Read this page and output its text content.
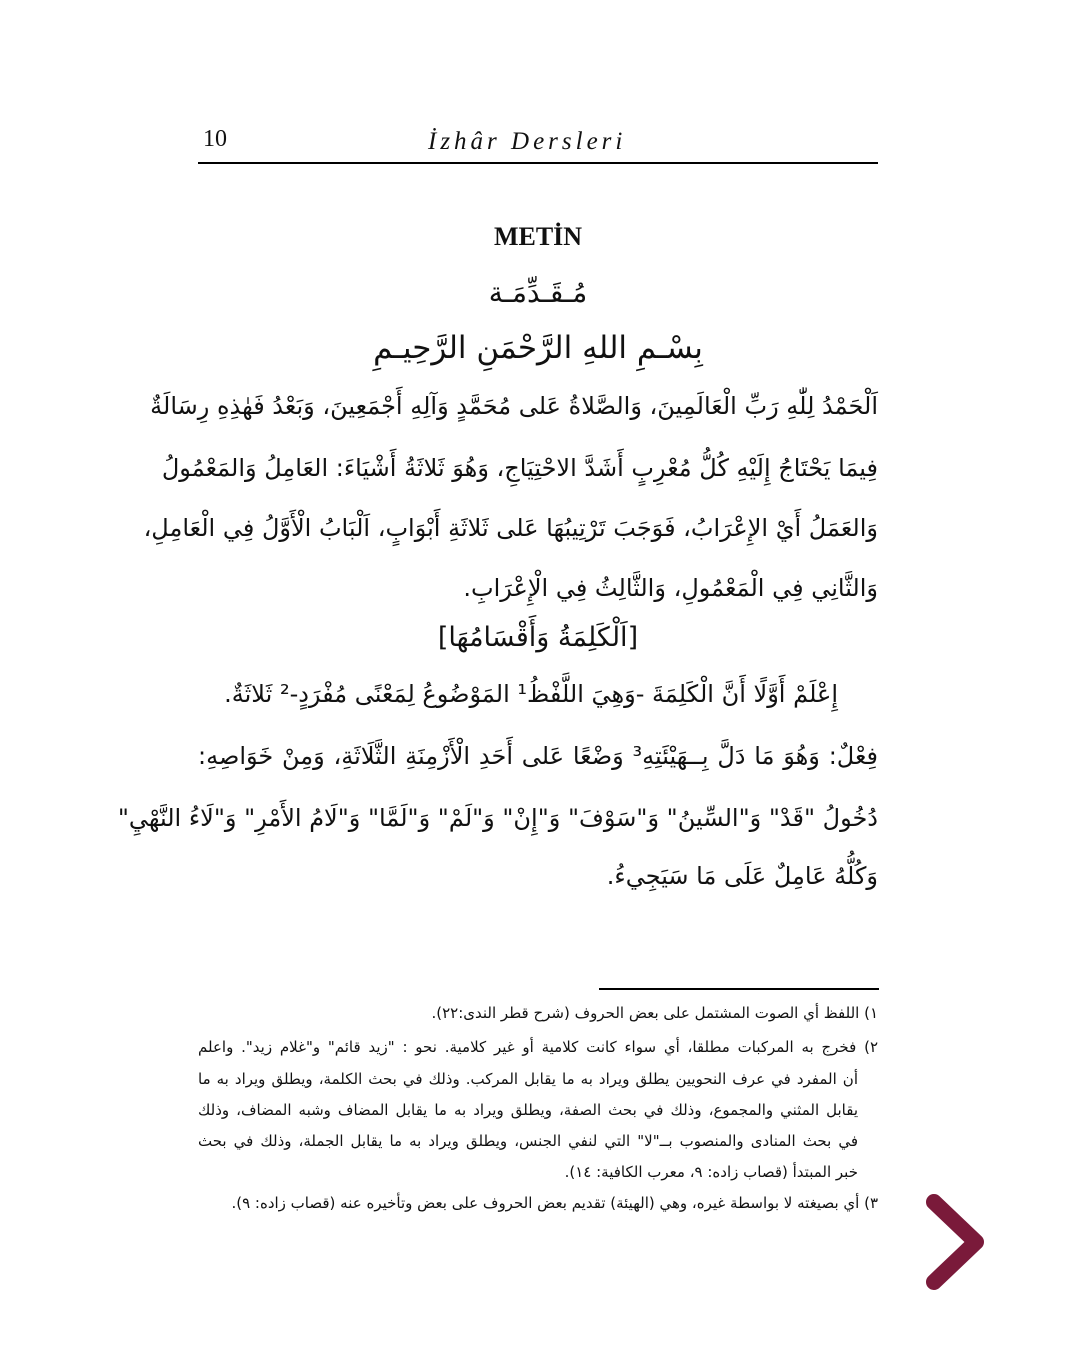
10	İzhâr Dersleri
METİN
مُـقَـدِّمَـة
بِسْـمِ اللهِ الرَّحْمَنِ الرَّحِيـمِ
اَلْحَمْدُ لِلّٰهِ رَبِّ الْعَالَمِينَ، وَالصَّلاةُ عَلى مُحَمَّدٍ وَآلِهِ أَجْمَعِينَ، وَبَعْدُ فَهٰذِهِ رِسَالَةٌ
فِيمَا يَحْتَاجُ إِلَيْهِ كُلُّ مُعْرِبٍ أَشَدَّ الاحْتِيَاجِ، وَهُوَ ثَلاثَةُ أَشْيَاءَ: العَامِلُ وَالمَعْمُولُ
وَالعَمَلُ أَيْ الإِعْرَابُ، فَوَجَبَ تَرْتِيبُهَا عَلى ثَلاثَةِ أَبْوَابٍ، اَلْبَابُ الْأَوَّلُ فِي الْعَامِلِ،
وَالثَّانِي فِي الْمَعْمُولِ، وَالثَّالِثُ فِي الْإِعْرَابِ.
[اَلْكَلِمَةُ وَأَقْسَامُهَا]
إِعْلَمْ أَوَّلًا أَنَّ الْكَلِمَةَ -وَهِيَ اللَّفْظُ¹ المَوْضُوعُ لِمَعْنًى مُفْرَدٍ-² ثَلاثَةٌ.
فِعْلٌ: وَهُوَ مَا دَلَّ بِــهَيْئَتِهِ³ وَضْعًا عَلى أَحَدِ الْأَزْمِنَةِ الثَّلَاثَةِ، وَمِنْ خَوَاصِهِ:
دُخُولُ "قَدْ" وَ"السِّينُ" وَ"سَوْفَ" وَ"إِنْ" وَ"لَمْ" وَ"لَمَّا" وَ"لَامُ الأَمْرِ" وَ"لَاءُ النَّهْيِ"
وَكُلُّهُ عَامِلٌ عَلَى مَا سَيَجِيءُ.
١) اللفظ أي الصوت المشتمل على بعض الحروف (شرح قطر الندى:٢٢).
٢) فخرج به المركبات مطلقا، أي سواء كانت كلامية أو غير كلامية. نحو : "زيد قائم" و"غلام زيد". واعلم
أن المفرد في عرف النحويين يطلق ويراد به ما يقابل المركب. وذلك في بحث الكلمة، ويطلق ويراد به ما
يقابل المثني والمجموع، وذلك في بحث الصفة، ويطلق ويراد به ما يقابل المضاف وشبه المضاف، وذلك
في بحث المنادى والمنصوب بــ"لا" التي لنفي الجنس، ويطلق ويراد به ما يقابل الجملة، وذلك في بحث
خبر المبتدأ (قصاب زاده: ٩، معرب الكافية: ١٤).
٣) أي بصيغته لا بواسطة غيره، وهي (الهيئة) تقديم بعض الحروف على بعض وتأخيره عنه (قصاب زاده: ٩).
